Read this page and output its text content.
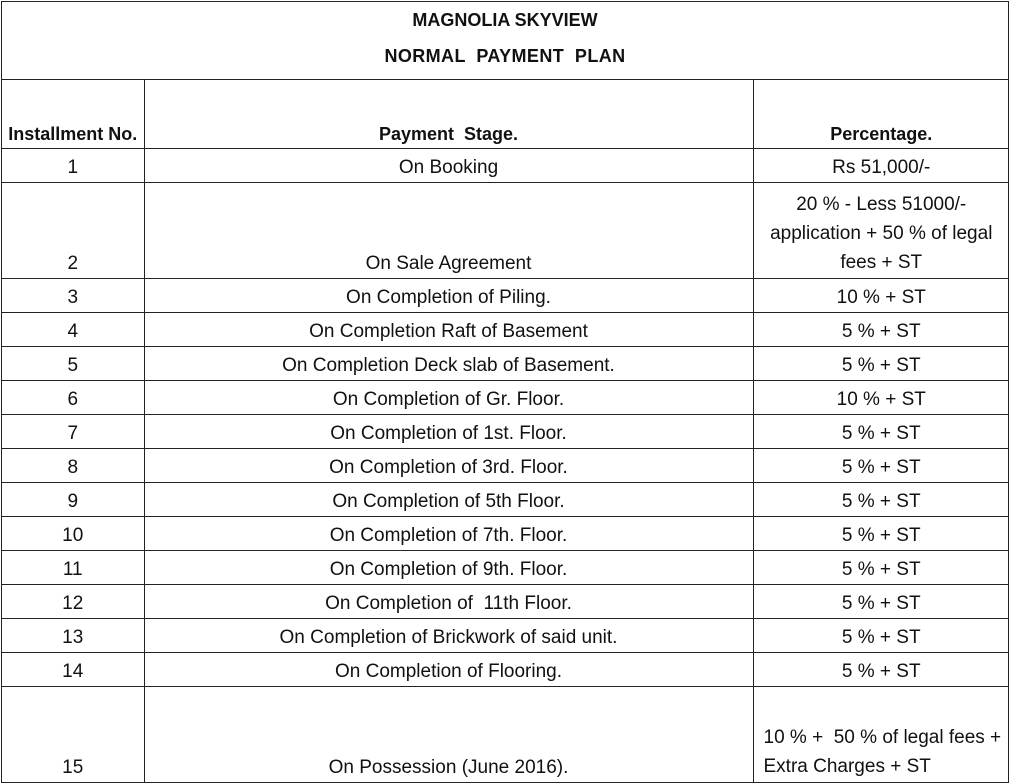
MAGNOLIA SKYVIEW
NORMAL  PAYMENT  PLAN
Installment No.	Payment  Stage.	Percentage.
1	On Booking	Rs 51,000/-
2	On Sale Agreement	20 % - Less 51000/- application + 50 % of legal fees + ST
3	On Completion of Piling.	10 % + ST
4	On Completion Raft of Basement	5 % + ST
5	On Completion Deck slab of Basement.	5 % + ST
6	On Completion of Gr. Floor.	10 % + ST
7	On Completion of 1st. Floor.	5 % + ST
8	On Completion of 3rd. Floor.	5 % + ST
9	On Completion of 5th Floor.	5 % + ST
10	On Completion of 7th. Floor.	5 % + ST
11	On Completion of 9th. Floor.	5 % + ST
12	On Completion of  11th Floor.	5 % + ST
13	On Completion of Brickwork of said unit.	5 % + ST
14	On Completion of Flooring.	5 % + ST
15	On Possession (June 2016).	10 % +  50 % of legal fees + Extra Charges + ST
